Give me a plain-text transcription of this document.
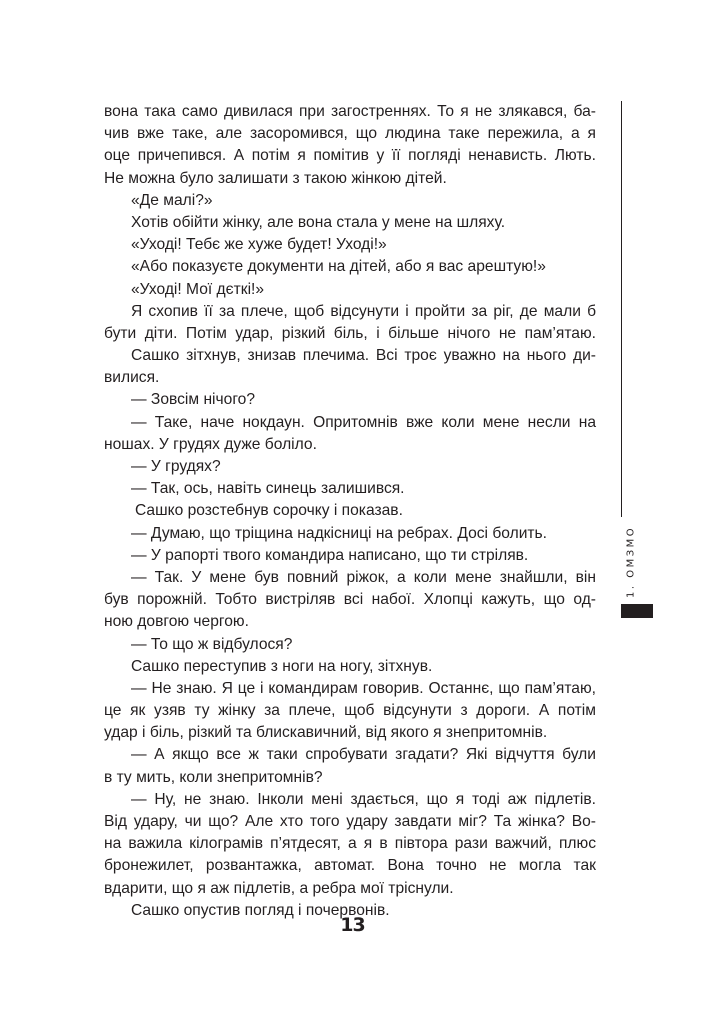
вона така само дивилася при загостреннях. То я не злякався, ба-
чив вже таке, але засоромився, що людина таке пережила, а я
оце причепився. А потім я помітив у її погляді ненависть. Лють.
Не можна було залишати з такою жінкою дітей.
«Де малі?»
Хотів обійти жінку, але вона стала у мене на шляху.
«Уході! Тебє же хуже будет! Уході!»
«Або показуєте документи на дітей, або я вас арештую!»
«Уході! Мої дєткі!»
Я схопив її за плече, щоб відсунути і пройти за ріг, де мали б
бути діти. Потім удар, різкий біль, і більше нічого не пам’ятаю.
Сашко зітхнув, знизав плечима. Всі троє уважно на нього ди-
вилися.
— Зовсім нічого?
— Таке, наче нокдаун. Опритомнів вже коли мене несли на
ношах. У грудях дуже боліло.
— У грудях?
— Так, ось, навіть синець залишився.
Сашко розстебнув сорочку і показав.
— Думаю, що тріщина надкісниці на ребрах. Досі болить.
— У рапорті твого командира написано, що ти стріляв.
— Так. У мене був повний ріжок, а коли мене знайшли, він
був порожній. Тобто вистріляв всі набої. Хлопці кажуть, що од-
ною довгою чергою.
— То що ж відбулося?
Сашко переступив з ноги на ногу, зітхнув.
— Не знаю. Я це і командирам говорив. Останнє, що пам’ятаю,
це як узяв ту жінку за плече, щоб відсунути з дороги. А потім
удар і біль, різкий та блискавичний, від якого я знепритомнів.
— А якщо все ж таки спробувати згадати? Які відчуття були
в ту мить, коли знепритомнів?
— Ну, не знаю. Інколи мені здається, що я тоді аж підлетів.
Від удару, чи що? Але хто того удару завдати міг? Та жінка? Во-
на важила кілограмів п’ятдесят, а я в півтора рази важчий, плюс
бронежилет, розвантажка, автомат. Вона точно не могла так
вдарити, що я аж підлетів, а ребра мої тріснули.
Сашко опустив погляд і почервонів.
1. ОМЗМО
13
